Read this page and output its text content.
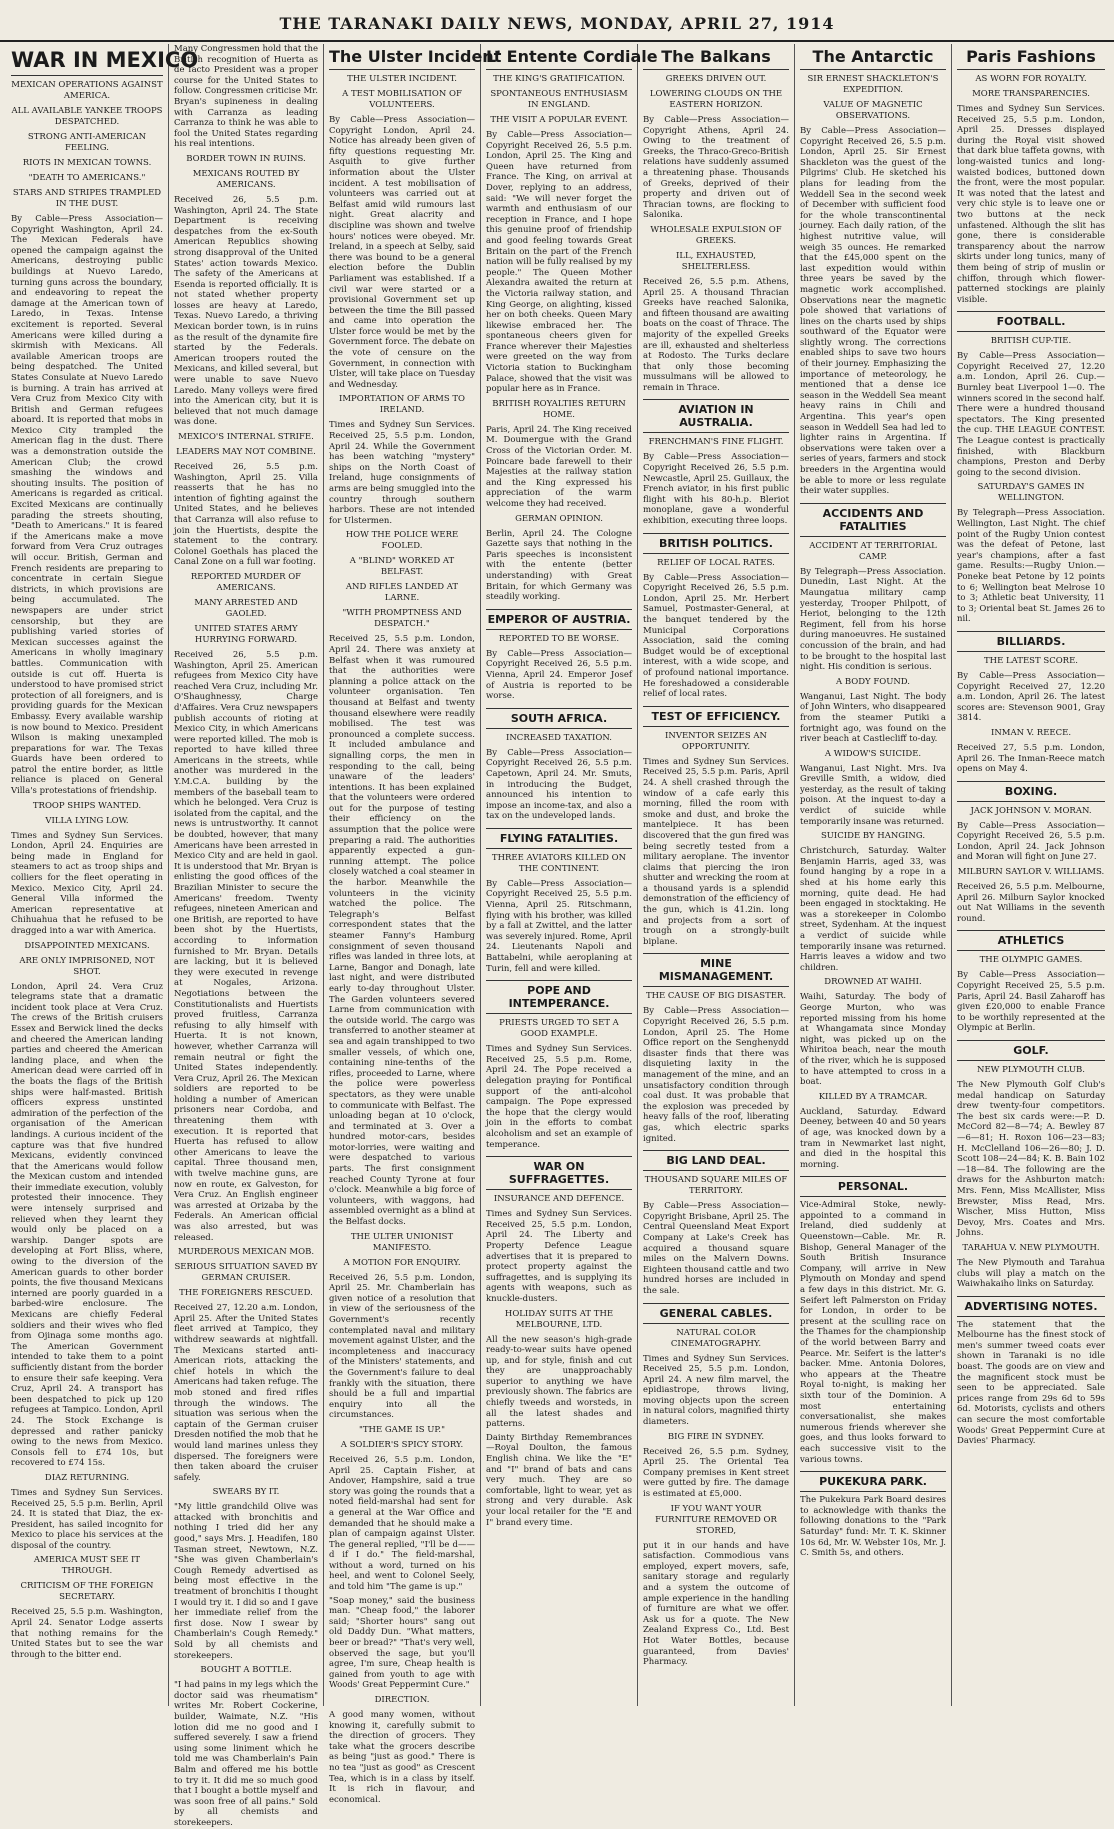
THE TARANAKI DAILY NEWS, MONDAY, APRIL 27, 1914
WAR IN MEXICO
MEXICAN OPERATIONS AGAINST AMERICA.
ALL AVAILABLE YANKEE TROOPS DESPATCHED.
STRONG ANTI-AMERICAN FEELING.
RIOTS IN MEXICAN TOWNS.
"DEATH TO AMERICANS."
STARS AND STRIPES TRAMPLED IN THE DUST.

By Cable—Press Association—Copyright Washington, April 24. The Mexican Federals have opened the campaign against the Americans, destroying public buildings at Nuevo Laredo, turning guns across the boundary, and endeavoring to repeat the damage at the American town of Laredo, in Texas. Intense excitement is reported. Several Americans were killed during a skirmish with Mexicans. All available American troops are being despatched. The United States Consulate at Nuevo Laredo is burning. A train has arrived at Vera Cruz from Mexico City with British and German refugees aboard. It is reported that mobs in Mexico City trampled the American flag in the dust. There was a demonstration outside the American Club; the crowd smashing the windows and shouting insults. The position of Americans is regarded as critical. Excited Mexicans are continually parading the streets shouting, "Death to Americans." It is feared if the Americans make a move forward from Vera Cruz outrages will occur. British, German and French residents are preparing to concentrate in certain Siegue districts, in which provisions are being accumulated. The newspapers are under strict censorship, but they are publishing varied stories of Mexican successes against the Americans in wholly imaginary battles. Communication with outside is cut off. Huerta is understood to have promised strict protection of all foreigners, and is providing guards for the Mexican Embassy. Every available warship is now bound to Mexico. President Wilson is making unexampled preparations for war. The Texas Guards have been ordered to patrol the entire border, as little reliance is placed on General Villa's protestations of friendship.

TROOP SHIPS WANTED.
VILLA LYING LOW.

Times and Sydney Sun Services. London, April 24. Enquiries are being made in England for steamers to act as troop ships and colliers for the fleet operating in Mexico. Mexico City, April 24. General Villa informed the American representative at Chihuahua that he refused to be dragged into a war with America.

DISAPPOINTED MEXICANS.
ARE ONLY IMPRISONED, NOT SHOT.

London, April 24. Vera Cruz telegrams state that a dramatic incident took place at Vera Cruz. The crews of the British cruisers Essex and Berwick lined the decks and cheered the American landing parties and cheered the American landing place, and when the American dead were carried off in the boats the flags of the British ships were half-masted. British officers express unstinted admiration of the perfection of the organisation of the American landings. A curious incident of the capture was that five hundred Mexicans, evidently convinced that the Americans would follow the Mexican custom and intended their immediate execution, volubly protested their innocence. They were intensely surprised and relieved when they learnt they would only be placed on a warship. Danger spots are developing at Fort Bliss, where, owing to the diversion of the American guards to other border points, the five thousand Mexicans interned are poorly guarded in a barbed-wire enclosure. The Mexicans are chiefly Federal soldiers and their wives who fled from Ojinaga some months ago. The American Government intended to take them to a point sufficiently distant from the border to ensure their safe keeping. Vera Cruz, April 24. A transport has been despatched to pick up 120 refugees at Tampico. London, April 24. The Stock Exchange is depressed and rather panicky owing to the news from Mexico. Consols fell to £74 10s, but recovered to £74 15s.

DIAZ RETURNING.

Times and Sydney Sun Services. Received 25, 5.5 p.m. Berlin, April 24. It is stated that Diaz, the ex-President, has sailed incognito for Mexico to place his services at the disposal of the country.

AMERICA MUST SEE IT THROUGH.
CRITICISM OF THE FOREIGN SECRETARY.

Received 25, 5.5 p.m. Washington, April 24. Senator Lodge asserts that nothing remains for the United States but to see the war through to the bitter end.

Many Congressmen hold that the British recognition of Huerta as de facto President was a proper course for the United States to follow. Congressmen criticise Mr. Bryan's supineness in dealing with Carranza as leading Carranza to think he was able to fool the United States regarding his real intentions.

BORDER TOWN IN RUINS.
MEXICANS ROUTED BY AMERICANS.

Received 26, 5.5 p.m. Washington, April 24. The State Department is receiving despatches from the ex-South American Republics showing strong disapproval of the United States' action towards Mexico. The safety of the Americans at Esenda is reported officially. It is not stated whether property losses are heavy at Laredo, Texas. Nuevo Laredo, a thriving Mexican border town, is in ruins as the result of the dynamite fire started by the Federals. American troopers routed the Mexicans, and killed several, but were unable to save Nuevo Laredo. Many volleys were fired into the American city, but it is believed that not much damage was done.

MEXICO'S INTERNAL STRIFE.
LEADERS MAY NOT COMBINE.

Received 26, 5.5 p.m. Washington, April 25. Villa reasserts that he has no intention of fighting against the United States, and he believes that Carranza will also refuse to join the Huertists, despite the statement to the contrary. Colonel Goethals has placed the Canal Zone on a full war footing.

REPORTED MURDER OF AMERICANS.
MANY ARRESTED AND GAOLED.
UNITED STATES ARMY HURRYING FORWARD.

Received 26, 5.5 p.m. Washington, April 25. American refugees from Mexico City have reached Vera Cruz, including Mr. O'Shaughnessy, Charge d'Affaires. Vera Cruz newspapers publish accounts of rioting at Mexico City, in which Americans were reported killed. The mob is reported to have killed three Americans in the streets, while another was murdered in the Y.M.C.A. building by the members of the baseball team to which he belonged. Vera Cruz is isolated from the capital, and the news is untrustworthy. It cannot be doubted, however, that many Americans have been arrested in Mexico City and are held in gaol. It is understood that Mr. Bryan is enlisting the good offices of the Brazilian Minister to secure the Americans' freedom. Twenty refugees, nineteen American and one British, are reported to have been shot by the Huertists, according to information furnished to Mr. Bryan. Details are lacking, but it is believed they were executed in revenge at Nogales, Arizona. Negotiations between the Constitutionalists and Huertists proved fruitless, Carranza refusing to ally himself with Huerta. It is not known, however, whether Carranza will remain neutral or fight the United States independently. Vera Cruz, April 26. The Mexican soldiers are reported to be holding a number of American prisoners near Cordoba, and threatening them with execution. It is reported that Huerta has refused to allow other Americans to leave the capital. Three thousand men, with twelve machine guns, are now en route, ex Galveston, for Vera Cruz. An English engineer was arrested at Orizaba by the Federals. An American official was also arrested, but was released.

MURDEROUS MEXICAN MOB.
SERIOUS SITUATION SAVED BY GERMAN CRUISER.
THE FOREIGNERS RESCUED.

Received 27, 12.20 a.m. London, April 25. After the United States fleet arrived at Tampico, they withdrew seawards at nightfall. The Mexicans started anti-American riots, attacking the chief hotels in which the Americans had taken refuge. The mob stoned and fired rifles through the windows. The situation was serious when the captain of the German cruiser Dresden notified the mob that he would land marines unless they dispersed. The foreigners were then taken aboard the cruiser safely.

SWEARS BY IT.

"My little grandchild Olive was attacked with bronchitis and nothing I tried did her any good," says Mrs. J. Headifen, 180 Tasman street, Newtown, N.Z. "She was given Chamberlain's Cough Remedy advertised as being most effective in the treatment of bronchitis I thought I would try it. I did so and I gave her immediate relief from the first dose. Now I swear by Chamberlain's Cough Remedy." Sold by all chemists and storekeepers.

BOUGHT A BOTTLE.

"I had pains in my legs which the doctor said was rheumatism" writes Mr. Robert Cockerine, builder, Waimate, N.Z. "His lotion did me no good and I suffered severely. I saw a friend using some liniment which he told me was Chamberlain's Pain Balm and offered me his bottle to try it. It did me so much good that I bought a bottle myself and was soon free of all pains." Sold by all chemists and storekeepers.

The Ulster Incident
THE ULSTER INCIDENT.
A TEST MOBILISATION OF VOLUNTEERS.

By Cable—Press Association—Copyright London, April 24. Notice has already been given of fifty questions requesting Mr. Asquith to give further information about the Ulster incident. A test mobilisation of volunteers was carried out at Belfast amid wild rumours last night. Great alacrity and discipline was shown and twelve hours' notices were obeyed. Mr. Ireland, in a speech at Selby, said there was bound to be a general election before the Dublin Parliament was established. If a civil war were started or a provisional Government set up between the time the Bill passed and came into operation the Ulster force would be met by the Government force. The debate on the vote of censure on the Government, in connection with Ulster, will take place on Tuesday and Wednesday.

IMPORTATION OF ARMS TO IRELAND.

Times and Sydney Sun Services. Received 25, 5.5 p.m. London, April 24. While the Government has been watching "mystery" ships on the North Coast of Ireland, huge consignments of arms are being smuggled into the country through southern harbors. These are not intended for Ulstermen.

HOW THE POLICE WERE FOOLED.
A "BLIND" WORKED AT BELFAST.
AND RIFLES LANDED AT LARNE.
"WITH PROMPTNESS AND DESPATCH."

Received 25, 5.5 p.m. London, April 24. There was anxiety at Belfast when it was rumoured that the authorities were planning a police attack on the volunteer organisation. Ten thousand at Belfast and twenty thousand elsewhere were readily mobilised. The test was pronounced a complete success. It included ambulance and signalling corps, the men in responding to the call, being unaware of the leaders' intentions. It has been explained that the volunteers were ordered out for the purpose of testing their efficiency on the assumption that the police were preparing a raid. The authorities apparently expected a gun-running attempt. The police closely watched a coal steamer in the harbor. Meanwhile the volunteers in the vicinity watched the police. The Telegraph's Belfast correspondent states that the steamer Fanny's Hamburg consignment of seven thousand rifles was landed in three lots, at Larne, Bangor and Donagh, late last night, and were distributed early to-day throughout Ulster. The Garden volunteers severed Larne from communication with the outside world. The cargo was transferred to another steamer at sea and again transhipped to two smaller vessels, of which one, containing nine-tenths of the rifles, proceeded to Larne, where the police were powerless spectators, as they were unable to communicate with Belfast. The unloading began at 10 o'clock, and terminated at 3. Over a hundred motor-cars, besides motor-lorries, were waiting and were despatched to various parts. The first consignment reached County Tyrone at four o'clock. Meanwhile a big force of volunteers, with waggons, had assembled overnight as a blind at the Belfast docks.

THE ULTER UNIONIST MANIFESTO.
A MOTION FOR ENQUIRY.

Received 26, 5.5 p.m. London, April 25. Mr. Chamberlain has given notice of a resolution that in view of the seriousness of the Government's recently contemplated naval and military movement against Ulster, and the incompleteness and inaccuracy of the Ministers' statements, and the Government's failure to deal frankly with the situation, there should be a full and impartial enquiry into all the circumstances.

"THE GAME IS UP."
A SOLDIER'S SPICY STORY.

Received 26, 5.5 p.m. London, April 25. Captain Fisher, at Andover, Hampshire, said a true story was going the rounds that a noted field-marshal had sent for a general at the War Office and demanded that he should make a plan of campaign against Ulster. The general replied, "I'll be d——d if I do." The field-marshal, without a word, turned on his heel, and went to Colonel Seely, and told him "The game is up."

"Soap money," said the business man. "Cheap food," the laborer said; "Shorter hours" sang out old Daddy Dun. "What matters, beer or bread?" "That's very well, observed the sage, but you'll agree, I'm sure, Cheap health is gained from youth to age with Woods' Great Peppermint Cure."

DIRECTION.

A good many women, without knowing it, carefully submit to the direction of grocers. They take what the grocers describe as being "just as good." There is no tea "just as good" as Crescent Tea, which is in a class by itself. It is rich in flavour, and economical.

L' Entente Cordiale
THE KING'S GRATIFICATION.
SPONTANEOUS ENTHUSIASM IN ENGLAND.
THE VISIT A POPULAR EVENT.

By Cable—Press Association—Copyright Received 26, 5.5 p.m. London, April 25. The King and Queen have returned from France. The King, on arrival at Dover, replying to an address, said: "We will never forget the warmth and enthusiasm of our reception in France, and I hope this genuine proof of friendship and good feeling towards Great Britain on the part of the French nation will be fully realised by my people." The Queen Mother Alexandra awaited the return at the Victoria railway station, and King George, on alighting, kissed her on both cheeks. Queen Mary likewise embraced her. The spontaneous cheers given for France wherever their Majesties were greeted on the way from Victoria station to Buckingham Palace, showed that the visit was popular here as in France.

BRITISH ROYALTIES RETURN HOME.

Paris, April 24. The King received M. Doumergue with the Grand Cross of the Victorian Order. M. Poincare bade farewell to their Majesties at the railway station and the King expressed his appreciation of the warm welcome they had received.

GERMAN OPINION.

Berlin, April 24. The Cologne Gazette says that nothing in the Paris speeches is inconsistent with the entente (better understanding) with Great Britain, for which Germany was steadily working.

EMPEROR OF AUSTRIA.
REPORTED TO BE WORSE.

By Cable—Press Association—Copyright Received 26, 5.5 p.m. Vienna, April 24. Emperor Josef of Austria is reported to be worse.

SOUTH AFRICA.
INCREASED TAXATION.

By Cable—Press Association—Copyright Received 26, 5.5 p.m. Capetown, April 24. Mr. Smuts, in introducing the Budget, announced his intention to impose an income-tax, and also a tax on the undeveloped lands.

FLYING FATALITIES.
THREE AVIATORS KILLED ON THE CONTINENT.

By Cable—Press Association—Copyright Received 25, 5.5 p.m. Vienna, April 25. Ritschmann, flying with his brother, was killed by a fall at Zwittel, and the latter was severely injured. Rome, April 24. Lieutenants Napoli and Battabelni, while aeroplaning at Turin, fell and were killed.

POPE AND INTEMPERANCE.
PRIESTS URGED TO SET A GOOD EXAMPLE.

Times and Sydney Sun Services. Received 25, 5.5 p.m. Rome, April 24. The Pope received a delegation praying for Pontifical support of the anti-alcohol campaign. The Pope expressed the hope that the clergy would join in the efforts to combat alcoholism and set an example of temperance.

WAR ON SUFFRAGETTES.
INSURANCE AND DEFENCE.

Times and Sydney Sun Services. Received 25, 5.5 p.m. London, April 24. The Liberty and Property Defence League advertises that it is prepared to protect property against the suffragettes, and is supplying its agents with weapons, such as knuckle-dusters.

HOLIDAY SUITS AT THE MELBOURNE, LTD.

All the new season's high-grade ready-to-wear suits have opened up, and for style, finish and cut they are unapproachably superior to anything we have previously shown. The fabrics are chiefly tweeds and worsteds, in all the latest shades and patterns.

Dainty Birthday Remembrances—Royal Doulton, the famous English china. We like the "E" and "I" brand of bats and cans very much. They are so comfortable, light to wear, yet as strong and very durable. Ask your local retailer for the "E and I" brand every time.

The Balkans
GREEKS DRIVEN OUT.
LOWERING CLOUDS ON THE EASTERN HORIZON.

By Cable—Press Association—Copyright Athens, April 24. Owing to the treatment of Greeks, the Thraco-Greco-British relations have suddenly assumed a threatening phase. Thousands of Greeks, deprived of their property and driven out of Thracian towns, are flocking to Salonika.

WHOLESALE EXPULSION OF GREEKS.
ILL, EXHAUSTED, SHELTERLESS.

Received 26, 5.5 p.m. Athens, April 25. A thousand Thracian Greeks have reached Salonika, and fifteen thousand are awaiting boats on the coast of Thrace. The majority of the expelled Greeks are ill, exhausted and shelterless at Rodosto. The Turks declare that only those becoming mussulmans will be allowed to remain in Thrace.

AVIATION IN AUSTRALIA.
FRENCHMAN'S FINE FLIGHT.

By Cable—Press Association—Copyright Received 26, 5.5 p.m. Newcastle, April 25. Guillaux, the French aviator, in his first public flight with his 80-h.p. Bleriot monoplane, gave a wonderful exhibition, executing three loops.

BRITISH POLITICS.
RELIEF OF LOCAL RATES.

By Cable—Press Association—Copyright Received 26, 5.5 p.m. London, April 25. Mr. Herbert Samuel, Postmaster-General, at the banquet tendered by the Municipal Corporations Association, said the coming Budget would be of exceptional interest, with a wide scope, and of profound national importance. He foreshadowed a considerable relief of local rates.

TEST OF EFFICIENCY.
INVENTOR SEIZES AN OPPORTUNITY.

Times and Sydney Sun Services. Received 25, 5.5 p.m. Paris, April 24. A shell crashed through the window of a cafe early this morning, filled the room with smoke and dust, and broke the mantelpiece. It has been discovered that the gun fired was being secretly tested from a military aeroplane. The inventor claims that piercing the iron shutter and wrecking the room at a thousand yards is a splendid demonstration of the efficiency of the gun, which is 41.2in. long and projects from a sort of trough on a strongly-built biplane.

MINE MISMANAGEMENT.
THE CAUSE OF BIG DISASTER.

By Cable—Press Association—Copyright Received 26, 5.5 p.m. London, April 25. The Home Office report on the Senghenydd disaster finds that there was disquieting laxity in the management of the mine, and an unsatisfactory condition through coal dust. It was probable that the explosion was preceded by heavy falls of the roof, liberating gas, which electric sparks ignited.

BIG LAND DEAL.
THOUSAND SQUARE MILES OF TERRITORY.

By Cable—Press Association—Copyright Brisbane, April 25. The Central Queensland Meat Export Company at Lake's Creek has acquired a thousand square miles on the Malvern Downs. Eighteen thousand cattle and two hundred horses are included in the sale.

GENERAL CABLES.
NATURAL COLOR CINEMATOGRAPHY.

Times and Sydney Sun Services. Received 25, 5.5 p.m. London, April 24. A new film marvel, the epidiastrope, throws living, moving objects upon the screen in natural colors, magnified thirty diameters.

BIG FIRE IN SYDNEY.

Received 26, 5.5 p.m. Sydney, April 25. The Oriental Tea Company premises in Kent street were gutted by fire. The damage is estimated at £5,000.

IF YOU WANT YOUR FURNITURE REMOVED OR STORED,

put it in our hands and have satisfaction. Commodious vans employed, expert movers, safe, sanitary storage and regularly and a system the outcome of ample experience in the handling of furniture are what we offer. Ask us for a quote. The New Zealand Express Co., Ltd. Best Hot Water Bottles, because guaranteed, from Davies' Pharmacy.

The Antarctic
SIR ERNEST SHACKLETON'S EXPEDITION.
VALUE OF MAGNETIC OBSERVATIONS.

By Cable—Press Association—Copyright Received 26, 5.5 p.m. London, April 25. Sir Ernest Shackleton was the guest of the Pilgrims' Club. He sketched his plans for leading from the Weddell Sea in the second week of December with sufficient food for the whole transcontinental journey. Each daily ration, of the highest nutritive value, will weigh 35 ounces. He remarked that the £45,000 spent on the last expedition would within three years be saved by the magnetic work accomplished. Observations near the magnetic pole showed that variations of lines on the charts used by ships southward of the Equator were slightly wrong. The corrections enabled ships to save two hours of their journey. Emphasizing the importance of meteorology, he mentioned that a dense ice season in the Weddell Sea meant heavy rains in Chili and Argentina. This year's open season in Weddell Sea had led to lighter rains in Argentina. If observations were taken over a series of years, farmers and stock breeders in the Argentina would be able to more or less regulate their water supplies.

ACCIDENTS AND FATALITIES
ACCIDENT AT TERRITORIAL CAMP.

By Telegraph—Press Association. Dunedin, Last Night. At the Maungatua military camp yesterday, Trooper Philpott, of Heriot, belonging to the 12th Regiment, fell from his horse during manoeuvres. He sustained concussion of the brain, and had to be brought to the hospital last night. His condition is serious.

A BODY FOUND.

Wanganui, Last Night. The body of John Winters, who disappeared from the steamer Putiki a fortnight ago, was found on the river beach at Castlecliff to-day.

A WIDOW'S SUICIDE.

Wanganui, Last Night. Mrs. Iva Greville Smith, a widow, died yesterday, as the result of taking poison. At the inquest to-day a verdict of suicide while temporarily insane was returned.

SUICIDE BY HANGING.

Christchurch, Saturday. Walter Benjamin Harris, aged 33, was found hanging by a rope in a shed at his home early this morning, quite dead. He had been engaged in stocktaking. He was a storekeeper in Colombo street, Sydenham. At the inquest a verdict of suicide while temporarily insane was returned. Harris leaves a widow and two children.

DROWNED AT WAIHI.

Waihi, Saturday. The body of George Murton, who was reported missing from his home at Whangamata since Monday night, was picked up on the Whiritoa beach, near the mouth of the river, which he is supposed to have attempted to cross in a boat.

KILLED BY A TRAMCAR.

Auckland, Saturday. Edward Deeney, between 40 and 50 years of age, was knocked down by a tram in Newmarket last night, and died in the hospital this morning.

PERSONAL.

Vice-Admiral Stoke, newly-appointed to a command in Ireland, died suddenly at Queenstown—Cable. Mr. R. Bishop, General Manager of the South British Insurance Company, will arrive in New Plymouth on Monday and spend a few days in this district. Mr. G. Seifert left Palmerston on Friday for London, in order to be present at the sculling race on the Thames for the championship of the world between Barry and Pearce. Mr. Seifert is the latter's backer. Mme. Antonia Dolores, who appears at the Theatre Royal to-night, is making her sixth tour of the Dominion. A most entertaining conversationalist, she makes numerous friends wherever she goes, and thus looks forward to each successive visit to the various towns.

PUKEKURA PARK.

The Pukekura Park Board desires to acknowledge with thanks the following donations to the "Park Saturday" fund: Mr. T. K. Skinner 10s 6d, Mr. W. Webster 10s, Mr. J. C. Smith 5s, and others.

Paris Fashions
AS WORN FOR ROYALTY.
MORE TRANSPARENCIES.

Times and Sydney Sun Services. Received 25, 5.5 p.m. London, April 25. Dresses displayed during the Royal visit showed that dark blue taffeta gowns, with long-waisted tunics and long-waisted bodices, buttoned down the front, were the most popular. It was noted that the latest and very chic style is to leave one or two buttons at the neck unfastened. Although the slit has gone, there is considerable transparency about the narrow skirts under long tunics, many of them being of strip of muslin or chiffon, through which flower-patterned stockings are plainly visible.

FOOTBALL.
BRITISH CUP-TIE.

By Cable—Press Association—Copyright Received 27, 12.20 a.m. London, April 26. Cup.—Burnley beat Liverpool 1—0. The winners scored in the second half. There were a hundred thousand spectators. The King presented the cup. THE LEAGUE CONTEST. The League contest is practically finished, with Blackburn champions, Preston and Derby going to the second division.

SATURDAY'S GAMES IN WELLINGTON.

By Telegraph—Press Association. Wellington, Last Night. The chief point of the Rugby Union contest was the defeat of Petone, last year's champions, after a fast game. Results:—Rugby Union.—Poneke beat Petone by 12 points to 6; Wellington beat Melrose 10 to 3; Athletic beat University, 11 to 3; Oriental beat St. James 26 to nil.

BILLIARDS.
THE LATEST SCORE.

By Cable—Press Association—Copyright Received 27, 12.20 a.m. London, April 26. The latest scores are: Stevenson 9001, Gray 3814.

INMAN V. REECE.

Received 27, 5.5 p.m. London, April 26. The Inman-Reece match opens on May 4.

BOXING.
JACK JOHNSON V. MORAN.

By Cable—Press Association—Copyright Received 26, 5.5 p.m. London, April 24. Jack Johnson and Moran will fight on June 27.

MILBURN SAYLOR V. WILLIAMS.

Received 26, 5.5 p.m. Melbourne, April 26. Milburn Saylor knocked out Nat Williams in the seventh round.

ATHLETICS
THE OLYMPIC GAMES.

By Cable—Press Association—Copyright Received 25, 5.5 p.m. Paris, April 24. Basil Zaharoff has given £20,000 to enable France to be worthily represented at the Olympic at Berlin.

GOLF.
NEW PLYMOUTH CLUB.

The New Plymouth Golf Club's medal handicap on Saturday drew twenty-four competitors. The best six cards were:—P. D. McCord 82—8—74; A. Bewley 87—6—81; H. Roxon 106—23—83; H. McClelland 106—26—80; J. D. Scott 108—24—84; K. B. Bain 102—18—84. The following are the draws for the Ashburton match: Mrs. Fenn, Miss McAllister, Miss Brewster, Miss Read, Mrs. Wischer, Miss Hutton, Miss Devoy, Mrs. Coates and Mrs. Johns.

TARAHUA V. NEW PLYMOUTH.

The New Plymouth and Tarahua clubs will play a match on the Waiwhakaiho links on Saturday.

ADVERTISING NOTES.

The statement that the Melbourne has the finest stock of men's summer tweed coats ever shown in Taranaki is no idle boast. The goods are on view and the magnificent stock must be seen to be appreciated. Sale prices range from 29s 6d to 59s 6d. Motorists, cyclists and others can secure the most comfortable Woods' Great Peppermint Cure at Davies' Pharmacy.
